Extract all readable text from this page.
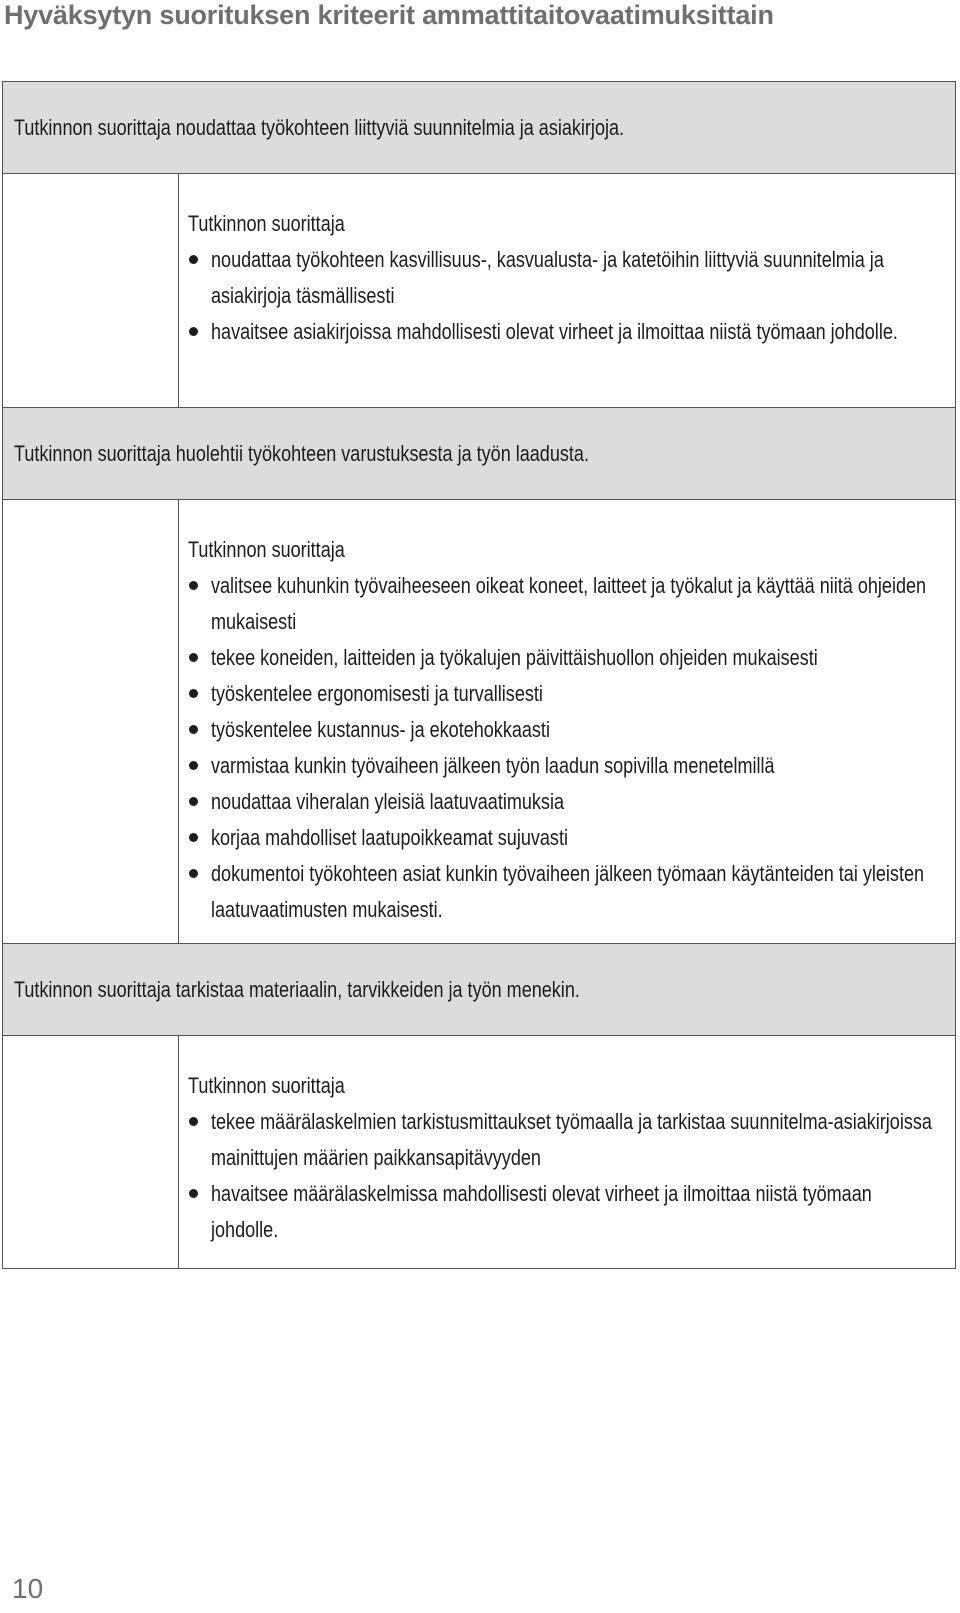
Hyväksytyn suorituksen kriteerit ammattitaitovaatimuksittain
Tutkinnon suorittaja noudattaa työkohteen liittyviä suunnitelmia ja asiakirjoja.
Tutkinnon suorittaja
noudattaa työkohteen kasvillisuus-, kasvualusta- ja katetöihin liittyviä suunnitelmia ja asiakirjoja täsmällisesti
havaitsee asiakirjoissa mahdollisesti olevat virheet ja ilmoittaa niistä työmaan johdolle.
Tutkinnon suorittaja huolehtii työkohteen varustuksesta ja työn laadusta.
Tutkinnon suorittaja
valitsee kuhunkin työvaiheeseen oikeat koneet, laitteet ja työkalut ja käyttää niitä ohjeiden mukaisesti
tekee koneiden, laitteiden ja työkalujen päivittäishuollon ohjeiden mukaisesti
työskentelee ergonomisesti ja turvallisesti
työskentelee kustannus- ja ekotehokkaasti
varmistaa kunkin työvaiheen jälkeen työn laadun sopivilla menetelmillä
noudattaa viheralan yleisiä laatuvaatimuksia
korjaa mahdolliset laatupoikkeamat sujuvasti
dokumentoi työkohteen asiat kunkin työvaiheen jälkeen työmaan käytänteiden tai yleisten laatuvaatimusten mukaisesti.
Tutkinnon suorittaja tarkistaa materiaalin, tarvikkeiden ja työn menekin.
Tutkinnon suorittaja
tekee määrälaskelmien tarkistusmittaukset työmaalla ja tarkistaa suunnitelma-asiakirjoissa mainittujen määrien paikkansapitävyyden
havaitsee määrälaskelmissa mahdollisesti olevat virheet ja ilmoittaa niistä työmaan johdolle.
10
